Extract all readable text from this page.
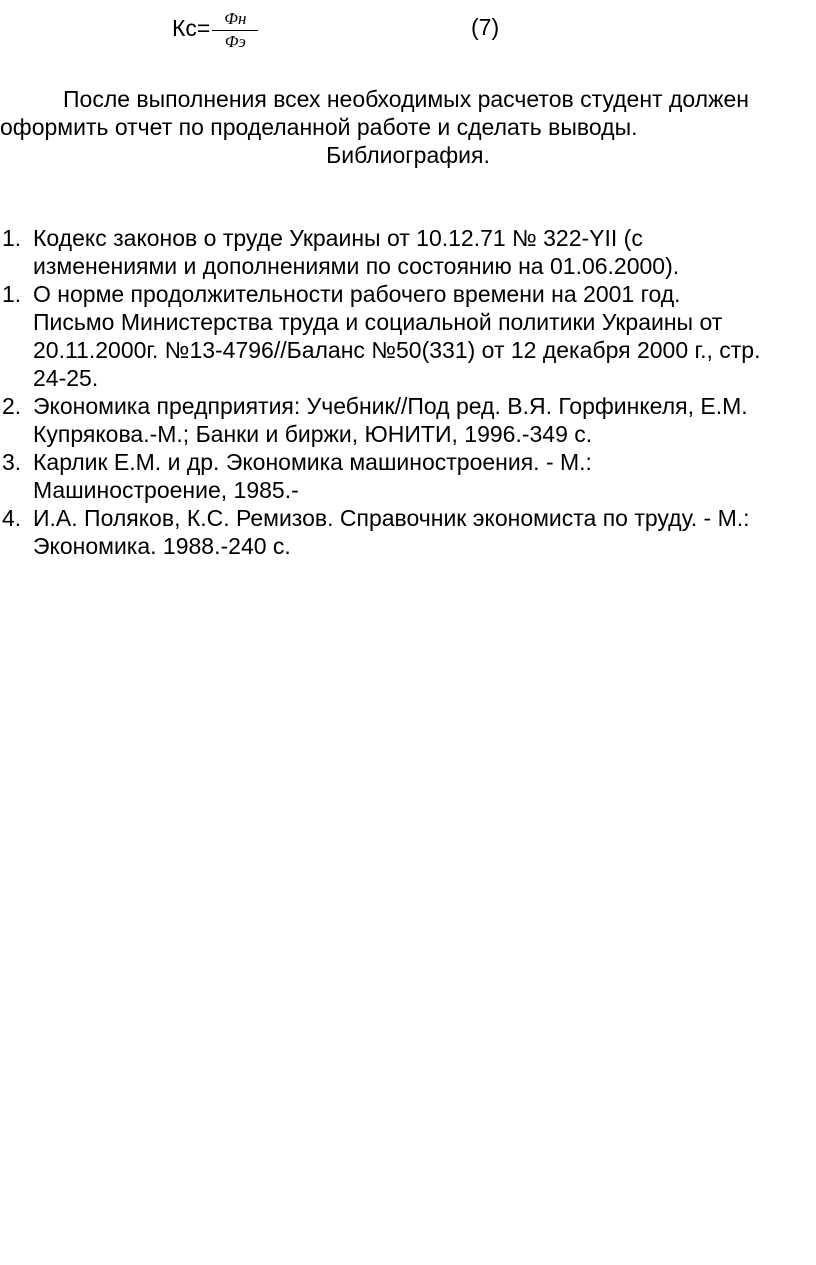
$Кс= \frac{Фн}{Фэ}$	(7)
После выполнения всех необходимых расчетов студент должен
оформить отчет по проделанной работе и сделать выводы.
Библиография.
1. Кодекс законов о труде Украины от 10.12.71 № 322-YII (с
изменениями и дополнениями по состоянию на 01.06.2000).
1. О норме продолжительности рабочего времени на 2001 год.
Письмо Министерства труда и социальной политики Украины от
20.11.2000г. №13-4796//Баланс №50(331) от 12 декабря 2000 г., стр.
24-25.
2. Экономика предприятия: Учебник//Под ред. В.Я. Горфинкеля, Е.М.
Купрякова.-М.; Банки и биржи, ЮНИТИ, 1996.-349 с.
3. Карлик Е.М. и др. Экономика машиностроения. - М.:
Машиностроение, 1985.-
4. И.А. Поляков, К.С. Ремизов. Справочник экономиста по труду. - М.:
Экономика. 1988.-240 с.
